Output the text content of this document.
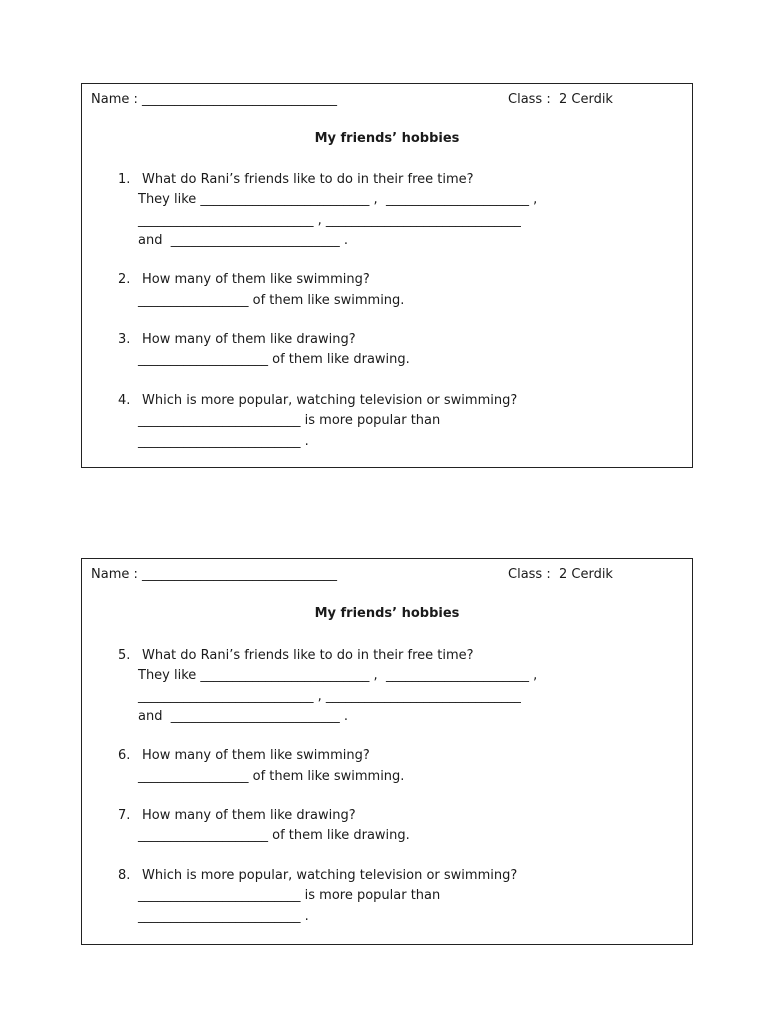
Name : ______________________________	Class :  2 Cerdik
My friends’ hobbies
1. What do Rani’s friends like to do in their free time?
They like __________________________ ,  ______________________ ,
___________________________ , ______________________________
and  __________________________ .
2. How many of them like swimming?
_________________ of them like swimming.
3. How many of them like drawing?
____________________ of them like drawing.
4. Which is more popular, watching television or swimming?
_________________________ is more popular than
_________________________ .
Name : ______________________________	Class :  2 Cerdik
My friends’ hobbies
5. What do Rani’s friends like to do in their free time?
They like __________________________ ,  ______________________ ,
___________________________ , ______________________________
and  __________________________ .
6. How many of them like swimming?
_________________ of them like swimming.
7. How many of them like drawing?
____________________ of them like drawing.
8. Which is more popular, watching television or swimming?
_________________________ is more popular than
_________________________ .
